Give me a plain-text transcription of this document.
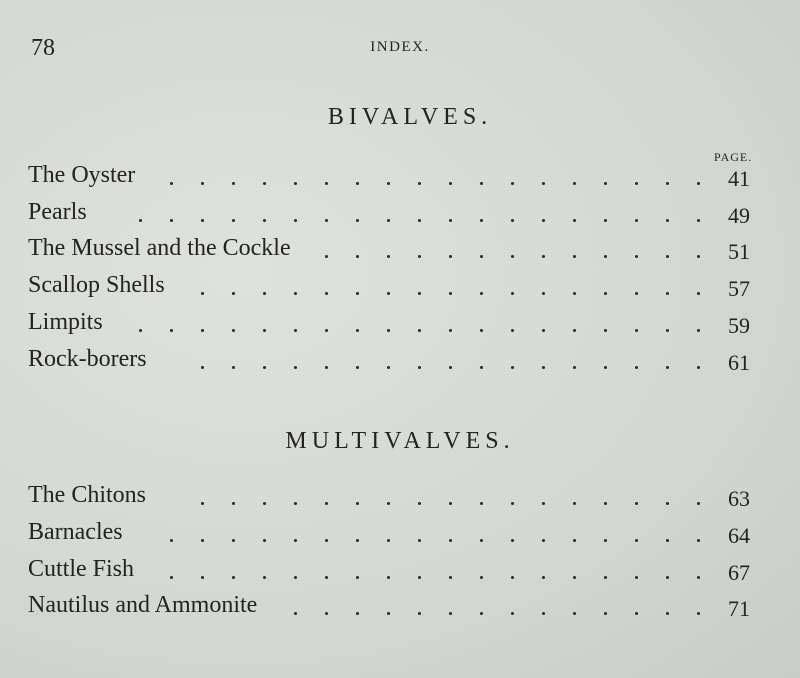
78	INDEX.
BIVALVES.
PAGE.
The Oyster	41
Pearls	49
The Mussel and the Cockle	51
Scallop Shells	57
Limpits	59
Rock-borers	61
MULTIVALVES.
The Chitons	63
Barnacles	64
Cuttle Fish	67
Nautilus and Ammonite	71
